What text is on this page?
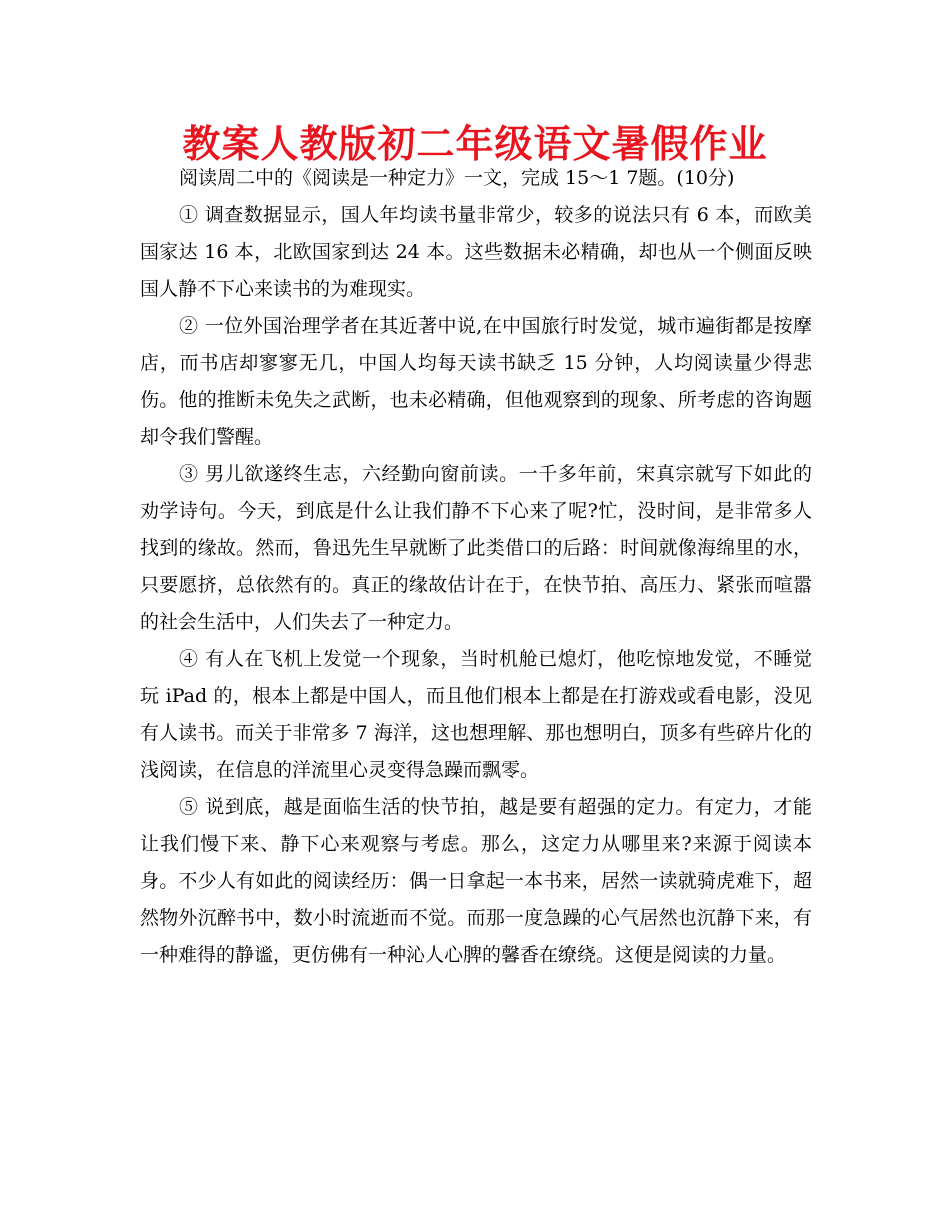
教案人教版初二年级语文暑假作业

阅读周二中的《阅读是一种定力》一文，完成 15～1 7题。(10分)

① 调查数据显示，国人年均读书量非常少，较多的说法只有 6 本，而欧美国家达 16 本，北欧国家到达 24 本。这些数据未必精确，却也从一个侧面反映国人静不下心来读书的为难现实。

② 一位外国治理学者在其近著中说,在中国旅行时发觉，城市遍街都是按摩店，而书店却寥寥无几，中国人均每天读书缺乏 15 分钟，人均阅读量少得悲伤。他的推断未免失之武断，也未必精确，但他观察到的现象、所考虑的咨询题却令我们警醒。

③ 男儿欲遂终生志，六经勤向窗前读。一千多年前，宋真宗就写下如此的劝学诗句。今天，到底是什么让我们静不下心来了呢?忙，没时间，是非常多人找到的缘故。然而，鲁迅先生早就断了此类借口的后路：时间就像海绵里的水，只要愿挤，总依然有的。真正的缘故估计在于，在快节拍、高压力、紧张而喧嚣的社会生活中，人们失去了一种定力。

④ 有人在飞机上发觉一个现象，当时机舱已熄灯，他吃惊地发觉，不睡觉玩 iPad 的，根本上都是中国人，而且他们根本上都是在打游戏或看电影，没见有人读书。而关于非常多 7 海洋，这也想理解、那也想明白，顶多有些碎片化的浅阅读，在信息的洋流里心灵变得急躁而飘零。

⑤ 说到底，越是面临生活的快节拍，越是要有超强的定力。有定力，才能让我们慢下来、静下心来观察与考虑。那么，这定力从哪里来?来源于阅读本身。不少人有如此的阅读经历：偶一日拿起一本书来，居然一读就骑虎难下，超然物外沉醉书中，数小时流逝而不觉。而那一度急躁的心气居然也沉静下来，有一种难得的静谧，更仿佛有一种沁人心脾的馨香在缭绕。这便是阅读的力量。
